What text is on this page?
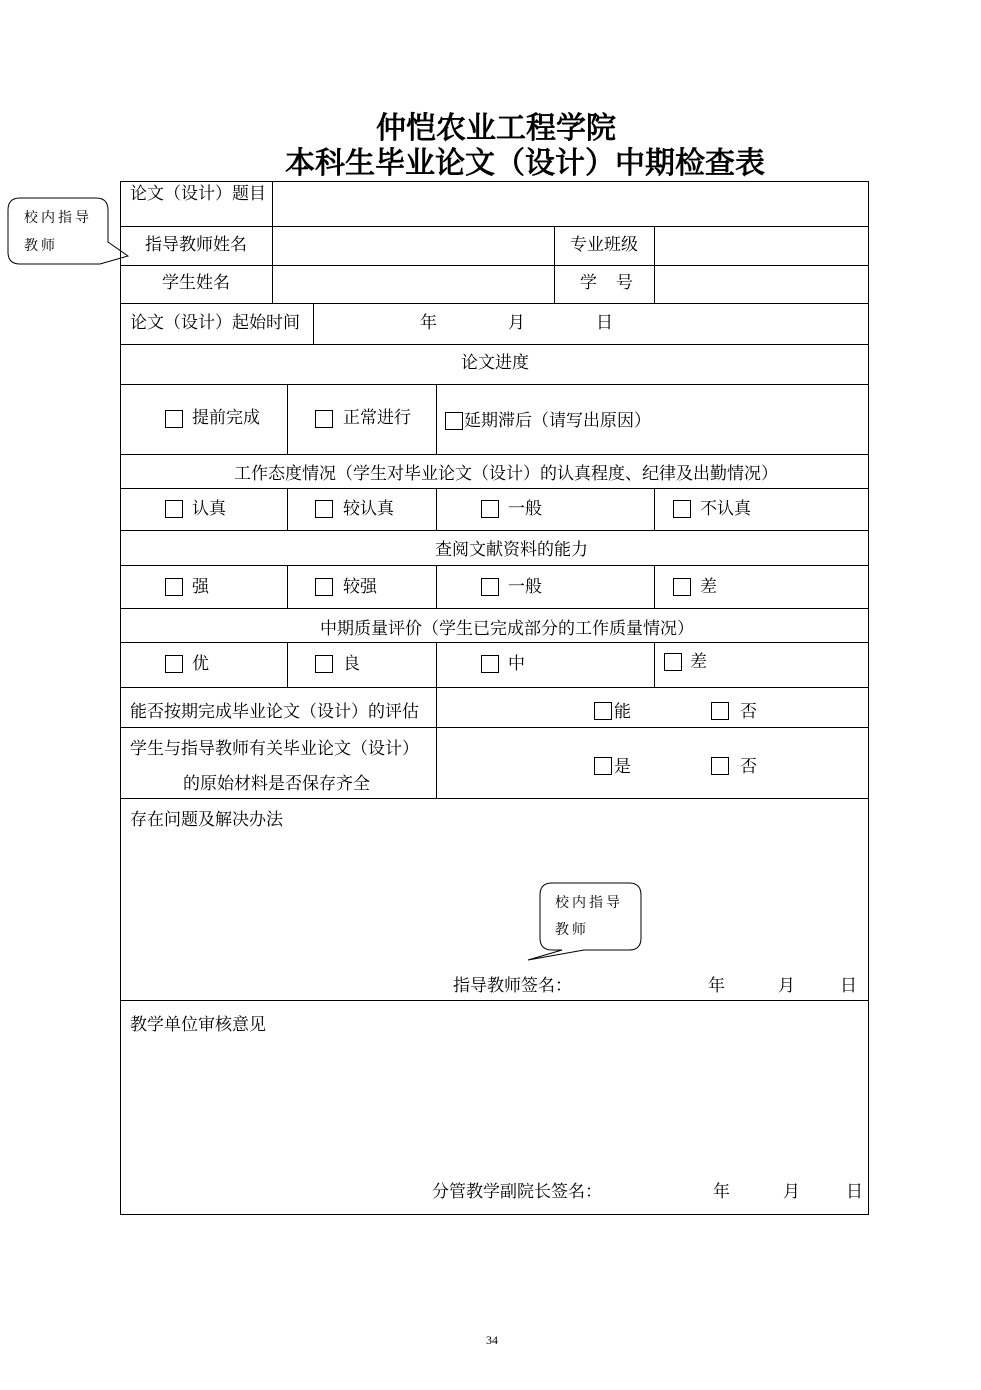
仲恺农业工程学院
本科生毕业论文（设计）中期检查表
校内指导
教师
校内指导
教师
论文（设计）题目
指导教师姓名	专业班级
学生姓名	学　号
论文（设计）起始时间	年	月	日
论文进度
提前完成	正常进行	延期滞后（请写出原因）
工作态度情况（学生对毕业论文（设计）的认真程度、纪律及出勤情况）
认真	较认真	一般	不认真
查阅文献资料的能力
强	较强	一般	差
中期质量评价（学生已完成部分的工作质量情况）
优	良	中	差
能否按期完成毕业论文（设计）的评估	能	否
学生与指导教师有关毕业论文（设计）
的原始材料是否保存齐全
是	否
存在问题及解决办法
指导教师签名：	年	月	日
教学单位审核意见
分管教学副院长签名：	年	月	日
34
